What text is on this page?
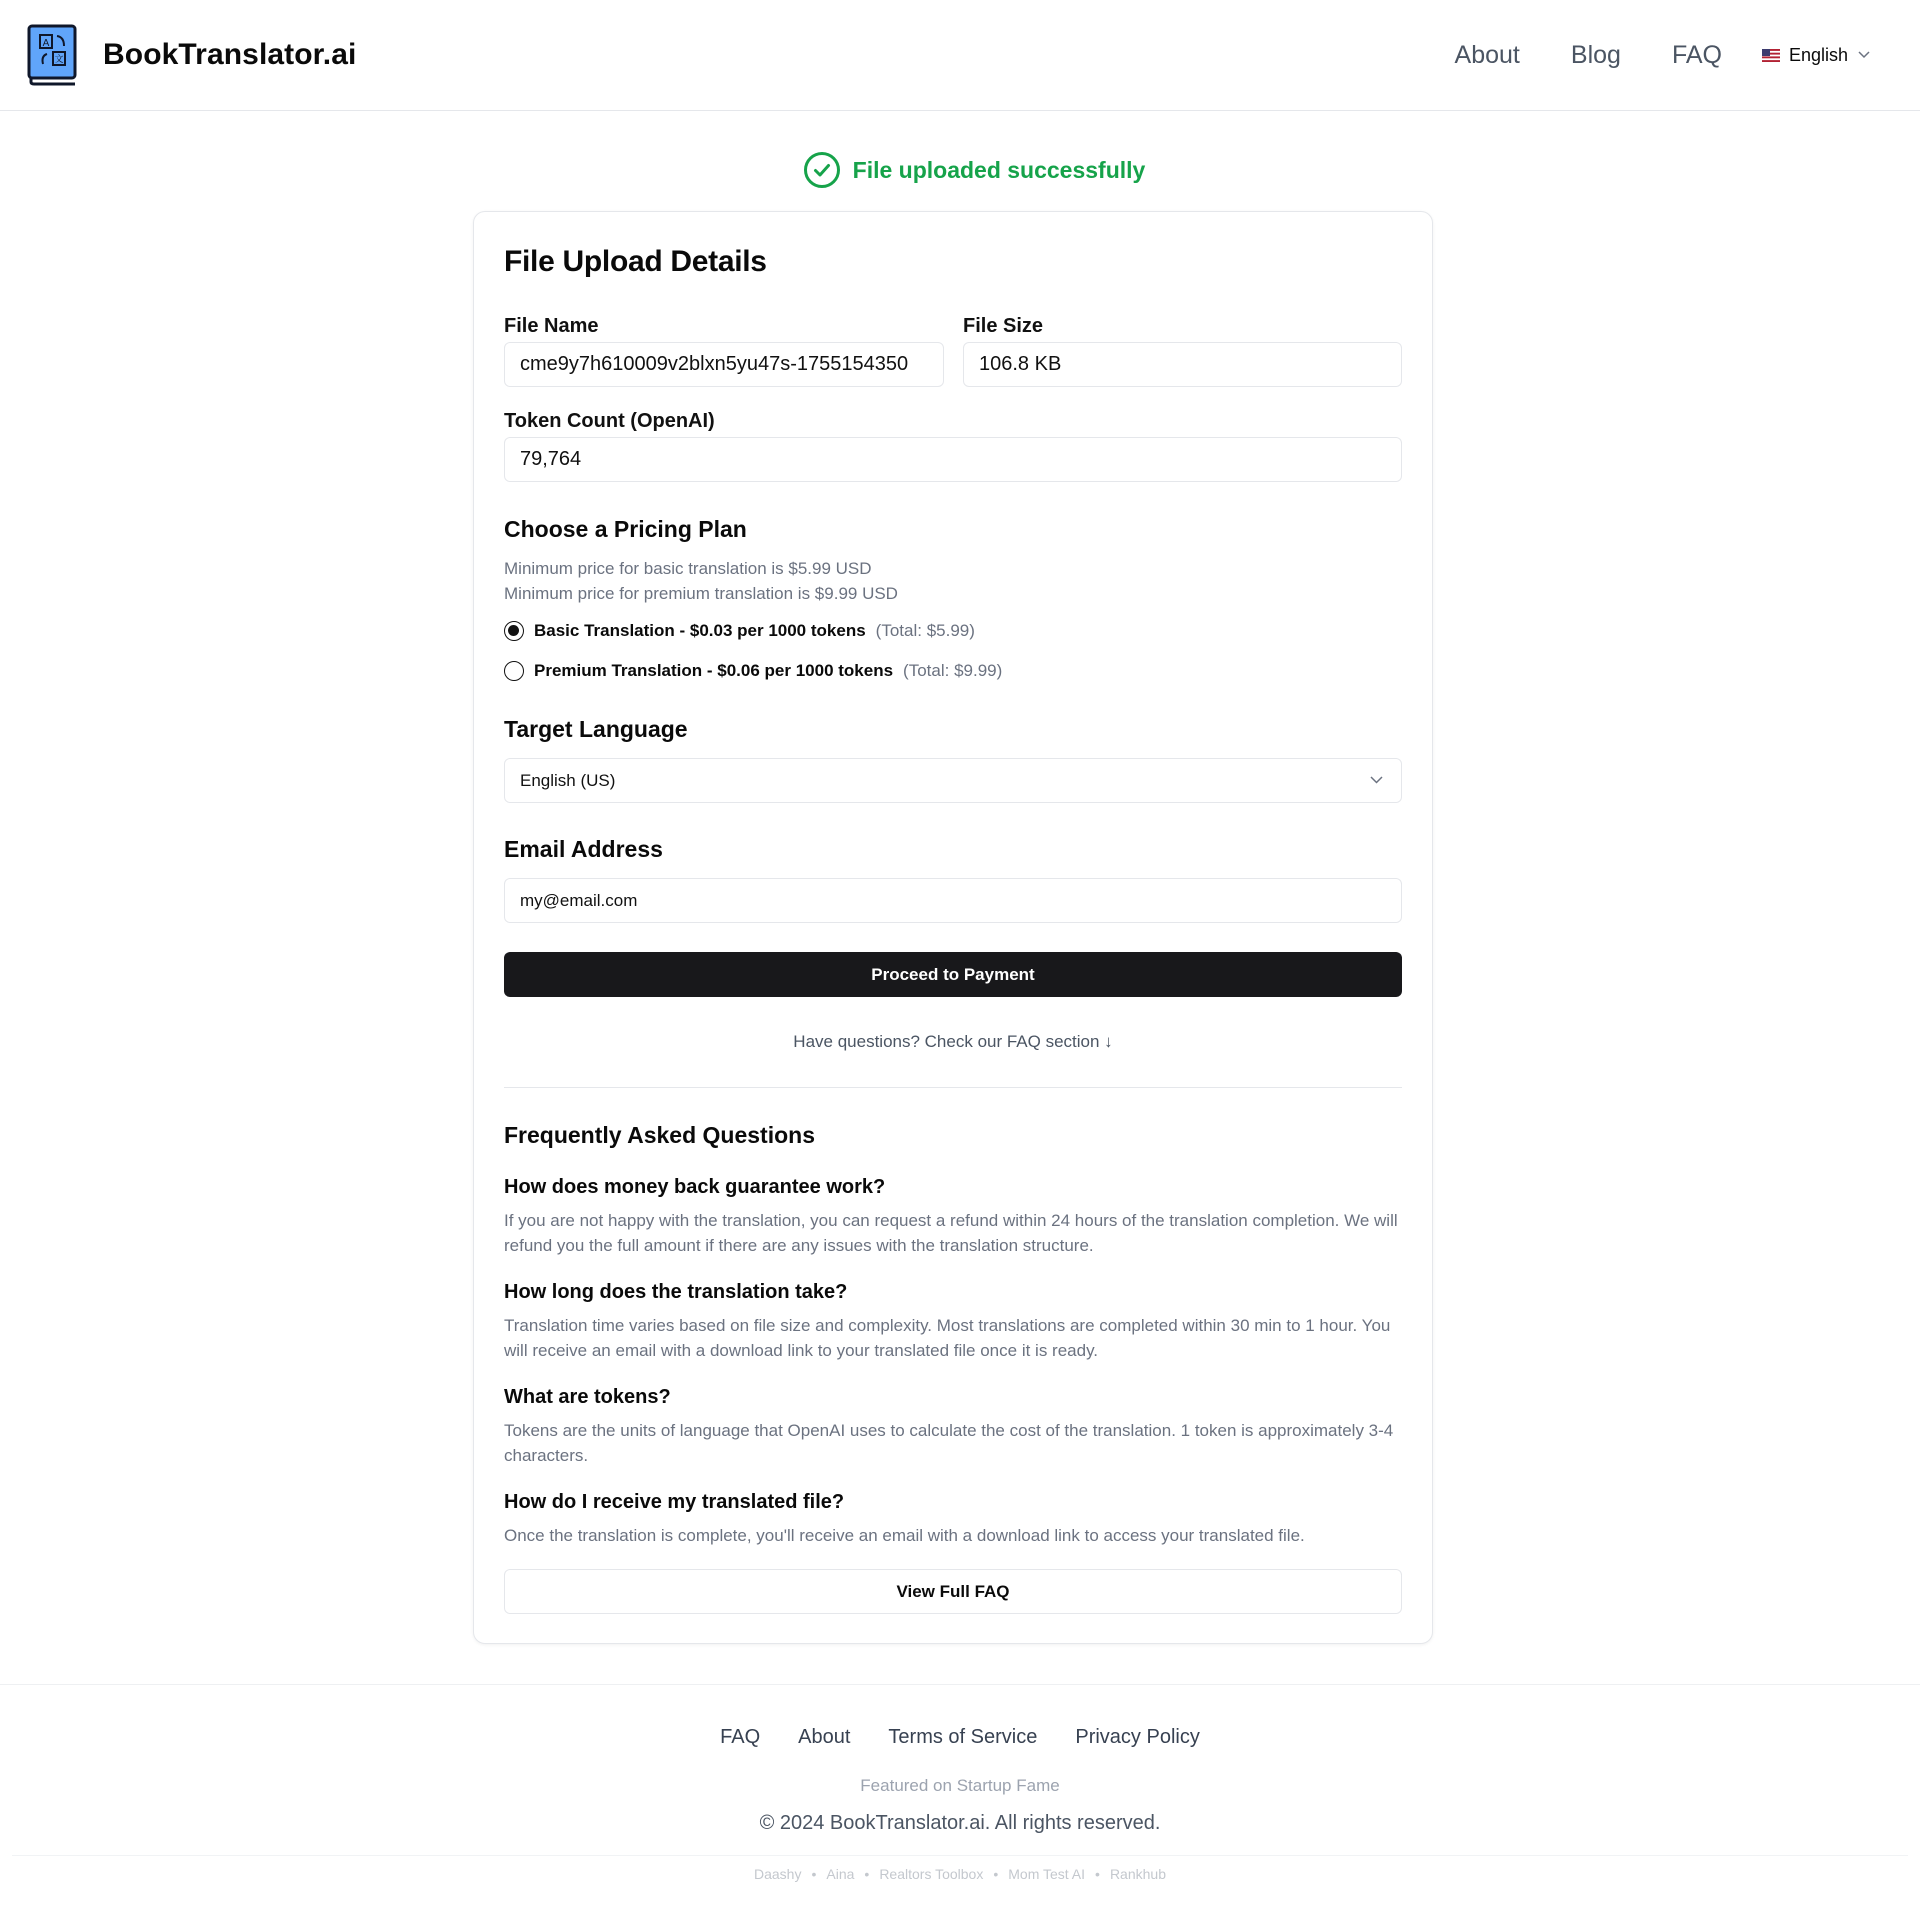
A
文 BookTranslator.ai	About Blog FAQ	English
File uploaded successfully
File Upload Details
File Name
cme9y7h610009v2blxn5yu47s-1755154350
File Size
106.8 KB
Token Count (OpenAI)
79,764
Choose a Pricing Plan
Minimum price for basic translation is $5.99 USD
Minimum price for premium translation is $9.99 USD
Basic Translation - $0.03 per 1000 tokens (Total: $5.99)
Premium Translation - $0.06 per 1000 tokens (Total: $9.99)
Target Language
English (US)
Email Address
my@email.com
Proceed to Payment
Have questions? Check our FAQ section ↓
Frequently Asked Questions
How does money back guarantee work?
If you are not happy with the translation, you can request a refund within 24 hours of the translation completion. We will refund you the full amount if there are any issues with the translation structure.
How long does the translation take?
Translation time varies based on file size and complexity. Most translations are completed within 30 min to 1 hour. You will receive an email with a download link to your translated file once it is ready.
What are tokens?
Tokens are the units of language that OpenAI uses to calculate the cost of the translation. 1 token is approximately 3-4 characters.
How do I receive my translated file?
Once the translation is complete, you'll receive an email with a download link to access your translated file.
View Full FAQ
FAQ About Terms of Service Privacy Policy
Featured on Startup Fame
© 2024 BookTranslator.ai. All rights reserved.
Daashy • Aina • Realtors Toolbox • Mom Test AI • Rankhub
